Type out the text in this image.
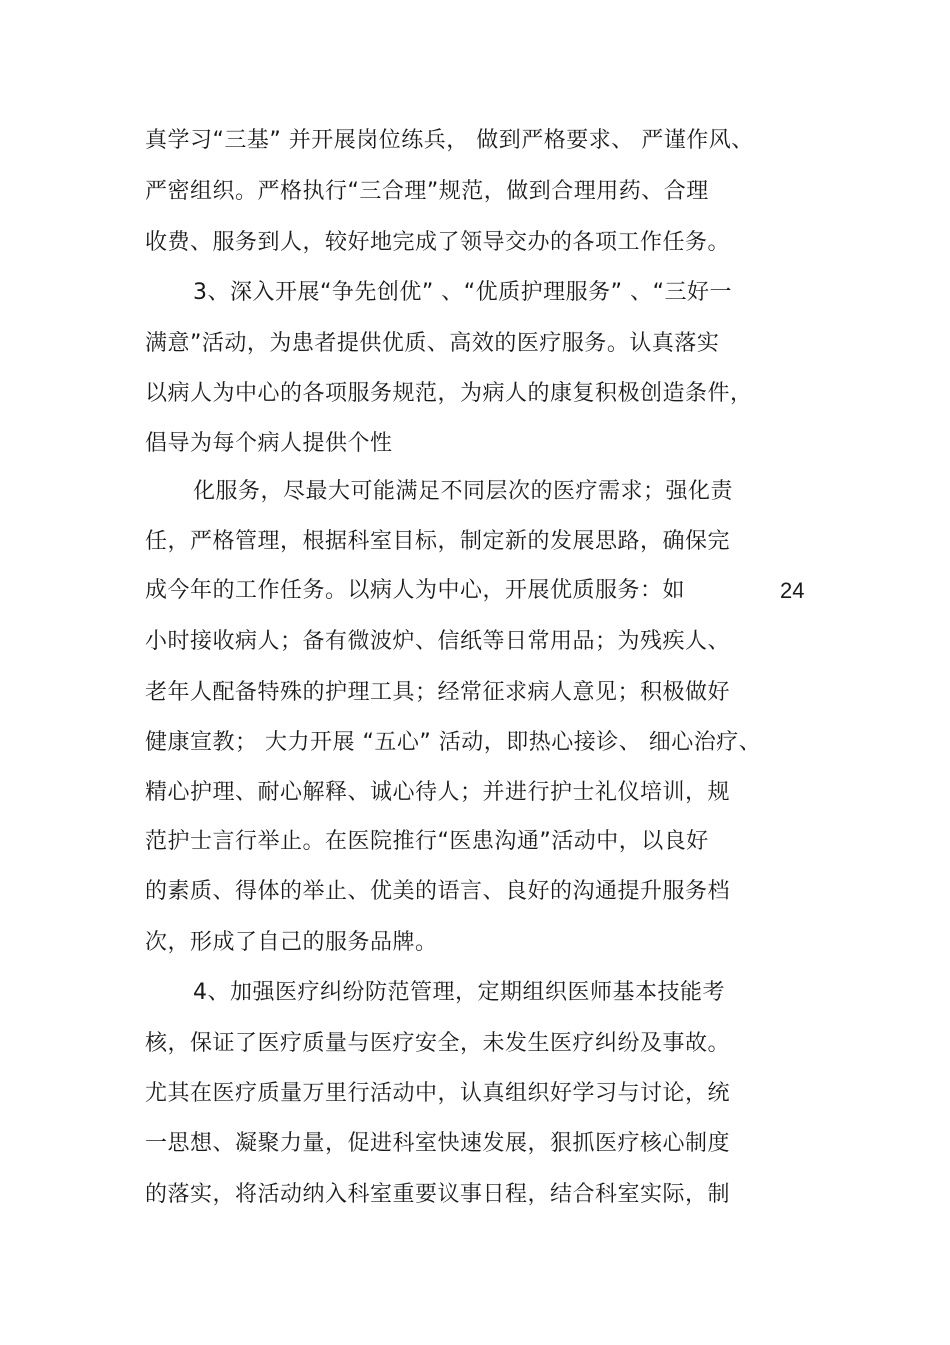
真学习“三基” 并开展岗位练兵， 做到严格要求、 严谨作风、
严密组织。严格执行“三合理”规范，做到合理用药、合理
收费、服务到人，较好地完成了领导交办的各项工作任务。
3、深入开展“争先创优” 、“优质护理服务” 、“三好一
满意”活动，为患者提供优质、高效的医疗服务。认真落实
以病人为中心的各项服务规范，为病人的康复积极创造条件，
倡导为每个病人提供个性
化服务，尽最大可能满足不同层次的医疗需求；强化责
任，严格管理，根据科室目标，制定新的发展思路，确保完
成今年的工作任务。以病人为中心，开展优质服务：如	24
小时接收病人；备有微波炉、信纸等日常用品；为残疾人、
老年人配备特殊的护理工具；经常征求病人意见；积极做好
健康宣教； 大力开展 “五心” 活动，即热心接诊、 细心治疗、
精心护理、耐心解释、诚心待人；并进行护士礼仪培训，规
范护士言行举止。在医院推行“医患沟通”活动中，以良好
的素质、得体的举止、优美的语言、良好的沟通提升服务档
次，形成了自己的服务品牌。
4、加强医疗纠纷防范管理，定期组织医师基本技能考
核，保证了医疗质量与医疗安全，未发生医疗纠纷及事故。
尤其在医疗质量万里行活动中，认真组织好学习与讨论，统
一思想、凝聚力量，促进科室快速发展，狠抓医疗核心制度
的落实，将活动纳入科室重要议事日程，结合科室实际，制
